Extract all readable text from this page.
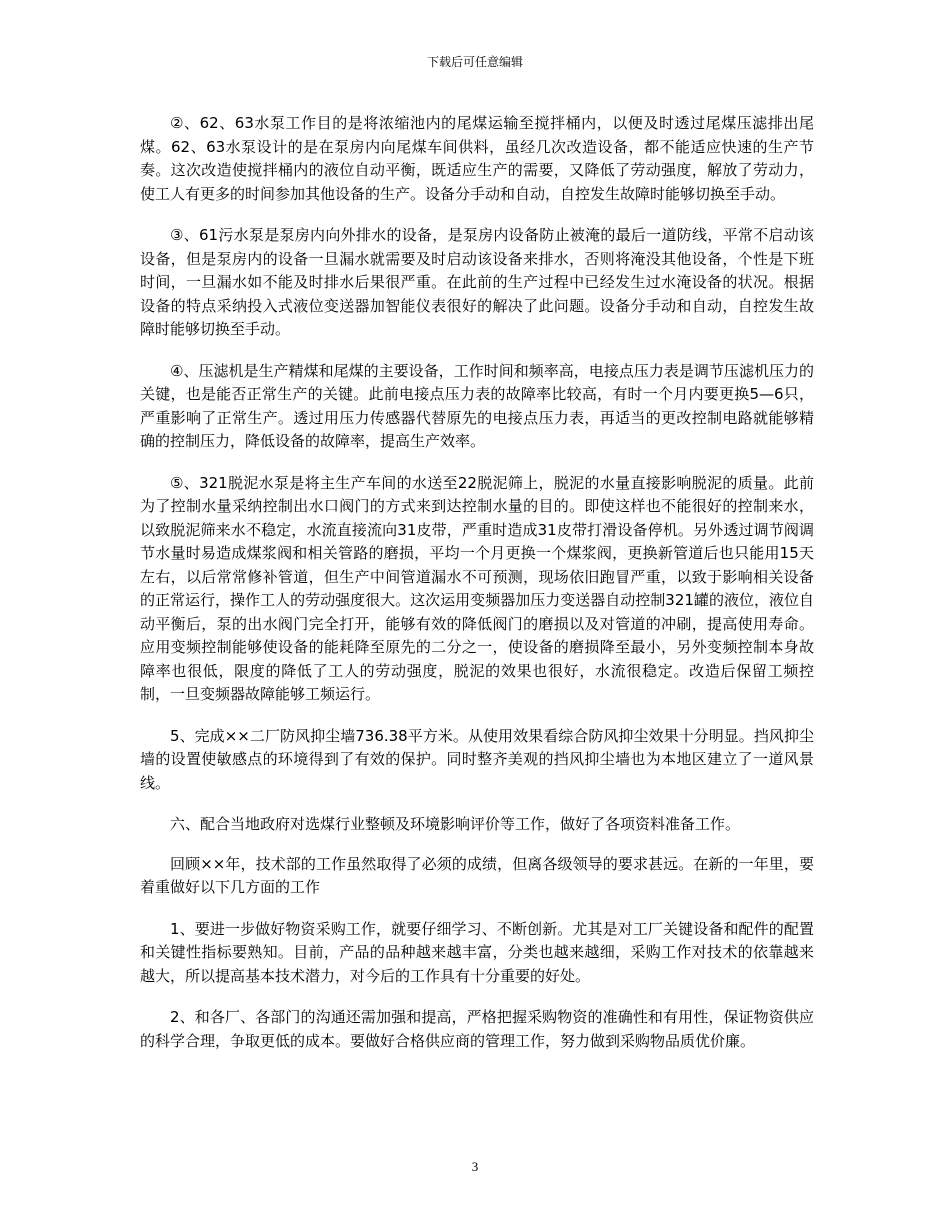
下载后可任意编辑

②、62、63水泵工作目的是将浓缩池内的尾煤运输至搅拌桶内，以便及时透过尾煤压滤排出尾煤。62、63水泵设计的是在泵房内向尾煤车间供料，虽经几次改造设备，都不能适应快速的生产节奏。这次改造使搅拌桶内的液位自动平衡，既适应生产的需要，又降低了劳动强度，解放了劳动力，使工人有更多的时间参加其他设备的生产。设备分手动和自动，自控发生故障时能够切换至手动。

③、61污水泵是泵房内向外排水的设备，是泵房内设备防止被淹的最后一道防线，平常不启动该设备，但是泵房内的设备一旦漏水就需要及时启动该设备来排水，否则将淹没其他设备，个性是下班时间，一旦漏水如不能及时排水后果很严重。在此前的生产过程中已经发生过水淹设备的状况。根据设备的特点采纳投入式液位变送器加智能仪表很好的解决了此问题。设备分手动和自动，自控发生故障时能够切换至手动。

④、压滤机是生产精煤和尾煤的主要设备，工作时间和频率高，电接点压力表是调节压滤机压力的关键，也是能否正常生产的关键。此前电接点压力表的故障率比较高，有时一个月内要更换5—6只，严重影响了正常生产。透过用压力传感器代替原先的电接点压力表，再适当的更改控制电路就能够精确的控制压力，降低设备的故障率，提高生产效率。

⑤、321脱泥水泵是将主生产车间的水送至22脱泥筛上，脱泥的水量直接影响脱泥的质量。此前为了控制水量采纳控制出水口阀门的方式来到达控制水量的目的。即使这样也不能很好的控制来水，以致脱泥筛来水不稳定，水流直接流向31皮带，严重时造成31皮带打滑设备停机。另外透过调节阀调节水量时易造成煤浆阀和相关管路的磨损，平均一个月更换一个煤浆阀，更换新管道后也只能用15天左右，以后常常修补管道，但生产中间管道漏水不可预测，现场依旧跑冒严重，以致于影响相关设备的正常运行，操作工人的劳动强度很大。这次运用变频器加压力变送器自动控制321罐的液位，液位自动平衡后，泵的出水阀门完全打开，能够有效的降低阀门的磨损以及对管道的冲刷，提高使用寿命。应用变频控制能够使设备的能耗降至原先的二分之一，使设备的磨损降至最小，另外变频控制本身故障率也很低，限度的降低了工人的劳动强度，脱泥的效果也很好，水流很稳定。改造后保留工频控制，一旦变频器故障能够工频运行。

5、完成××二厂防风抑尘墙736.38平方米。从使用效果看综合防风抑尘效果十分明显。挡风抑尘墙的设置使敏感点的环境得到了有效的保护。同时整齐美观的挡风抑尘墙也为本地区建立了一道风景线。

六、配合当地政府对选煤行业整顿及环境影响评价等工作，做好了各项资料准备工作。

回顾××年，技术部的工作虽然取得了必须的成绩，但离各级领导的要求甚远。在新的一年里，要着重做好以下几方面的工作

1、要进一步做好物资采购工作，就要仔细学习、不断创新。尤其是对工厂关键设备和配件的配置和关键性指标要熟知。目前，产品的品种越来越丰富，分类也越来越细，采购工作对技术的依靠越来越大，所以提高基本技术潜力，对今后的工作具有十分重要的好处。

2、和各厂、各部门的沟通还需加强和提高，严格把握采购物资的准确性和有用性，保证物资供应的科学合理，争取更低的成本。要做好合格供应商的管理工作，努力做到采购物品质优价廉。

3
